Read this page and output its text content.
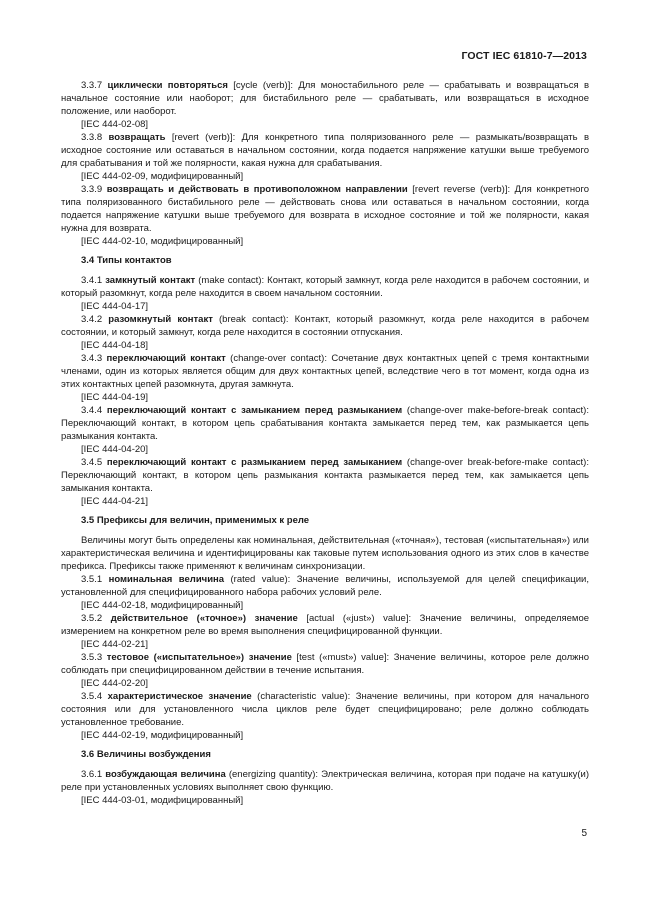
ГОСТ IEC 61810-7—2013

3.3.7 циклически повторяться [cycle (verb)]: Для моностабильного реле — срабатывать и возвращаться в начальное состояние или наоборот; для бистабильного реле — срабатывать, или возвращаться в исходное положение, или наоборот.

[IEC 444-02-08]

3.3.8 возвращать [revert (verb)]: Для конкретного типа поляризованного реле — размыкать/возвращать в исходное состояние или оставаться в начальном состоянии, когда подается напряжение катушки выше требуемого для срабатывания и той же полярности, какая нужна для срабатывания.

[IEC 444-02-09, модифицированный]

3.3.9 возвращать и действовать в противоположном направлении [revert reverse (verb)]: Для конкретного типа поляризованного бистабильного реле — действовать снова или оставаться в начальном состоянии, когда подается напряжение катушки выше требуемого для возврата в исходное состояние и той же полярности, какая нужна для возврата.

[IEC 444-02-10, модифицированный]

3.4 Типы контактов

3.4.1 замкнутый контакт (make contact): Контакт, который замкнут, когда реле находится в рабочем состоянии, и который разомкнут, когда реле находится в своем начальном состоянии.

[IEC 444-04-17]

3.4.2 разомкнутый контакт (break contact): Контакт, который разомкнут, когда реле находится в рабочем состоянии, и который замкнут, когда реле находится в состоянии отпускания.

[IEC 444-04-18]

3.4.3 переключающий контакт (change-over contact): Сочетание двух контактных цепей с тремя контактными членами, один из которых является общим для двух контактных цепей, вследствие чего в тот момент, когда одна из этих контактных цепей разомкнута, другая замкнута.

[IEC 444-04-19]

3.4.4 переключающий контакт с замыканием перед размыканием (change-over make-before-break contact): Переключающий контакт, в котором цепь срабатывания контакта замыкается перед тем, как размыкается цепь размыкания контакта.

[IEC 444-04-20]

3.4.5 переключающий контакт с размыканием перед замыканием (change-over break-before-make contact): Переключающий контакт, в котором цепь размыкания контакта размыкается перед тем, как замыкается цепь замыкания контакта.

[IEC 444-04-21]

3.5 Префиксы для величин, применимых к реле

Величины могут быть определены как номинальная, действительная («точная»), тестовая («испытательная») или характеристическая величина и идентифицированы как таковые путем использования одного из этих слов в качестве префикса. Префиксы также применяют к величинам синхронизации.

3.5.1 номинальная величина (rated value): Значение величины, используемой для целей спецификации, установленной для специфицированного набора рабочих условий реле.

[IEC 444-02-18, модифицированный]

3.5.2 действительное («точное») значение [actual («just») value]: Значение величины, определяемое измерением на конкретном реле во время выполнения специфицированной функции.

[IEC 444-02-21]

3.5.3 тестовое («испытательное») значение [test («must») value]: Значение величины, которое реле должно соблюдать при специфицированном действии в течение испытания.

[IEC 444-02-20]

3.5.4 характеристическое значение (characteristic value): Значение величины, при котором для начального состояния или для установленного числа циклов реле будет специфицировано; реле должно соблюдать установленное требование.

[IEC 444-02-19, модифицированный]

3.6 Величины возбуждения

3.6.1 возбуждающая величина (energizing quantity): Электрическая величина, которая при подаче на катушку(и) реле при установленных условиях выполняет свою функцию.

[IEC 444-03-01, модифицированный]

5
